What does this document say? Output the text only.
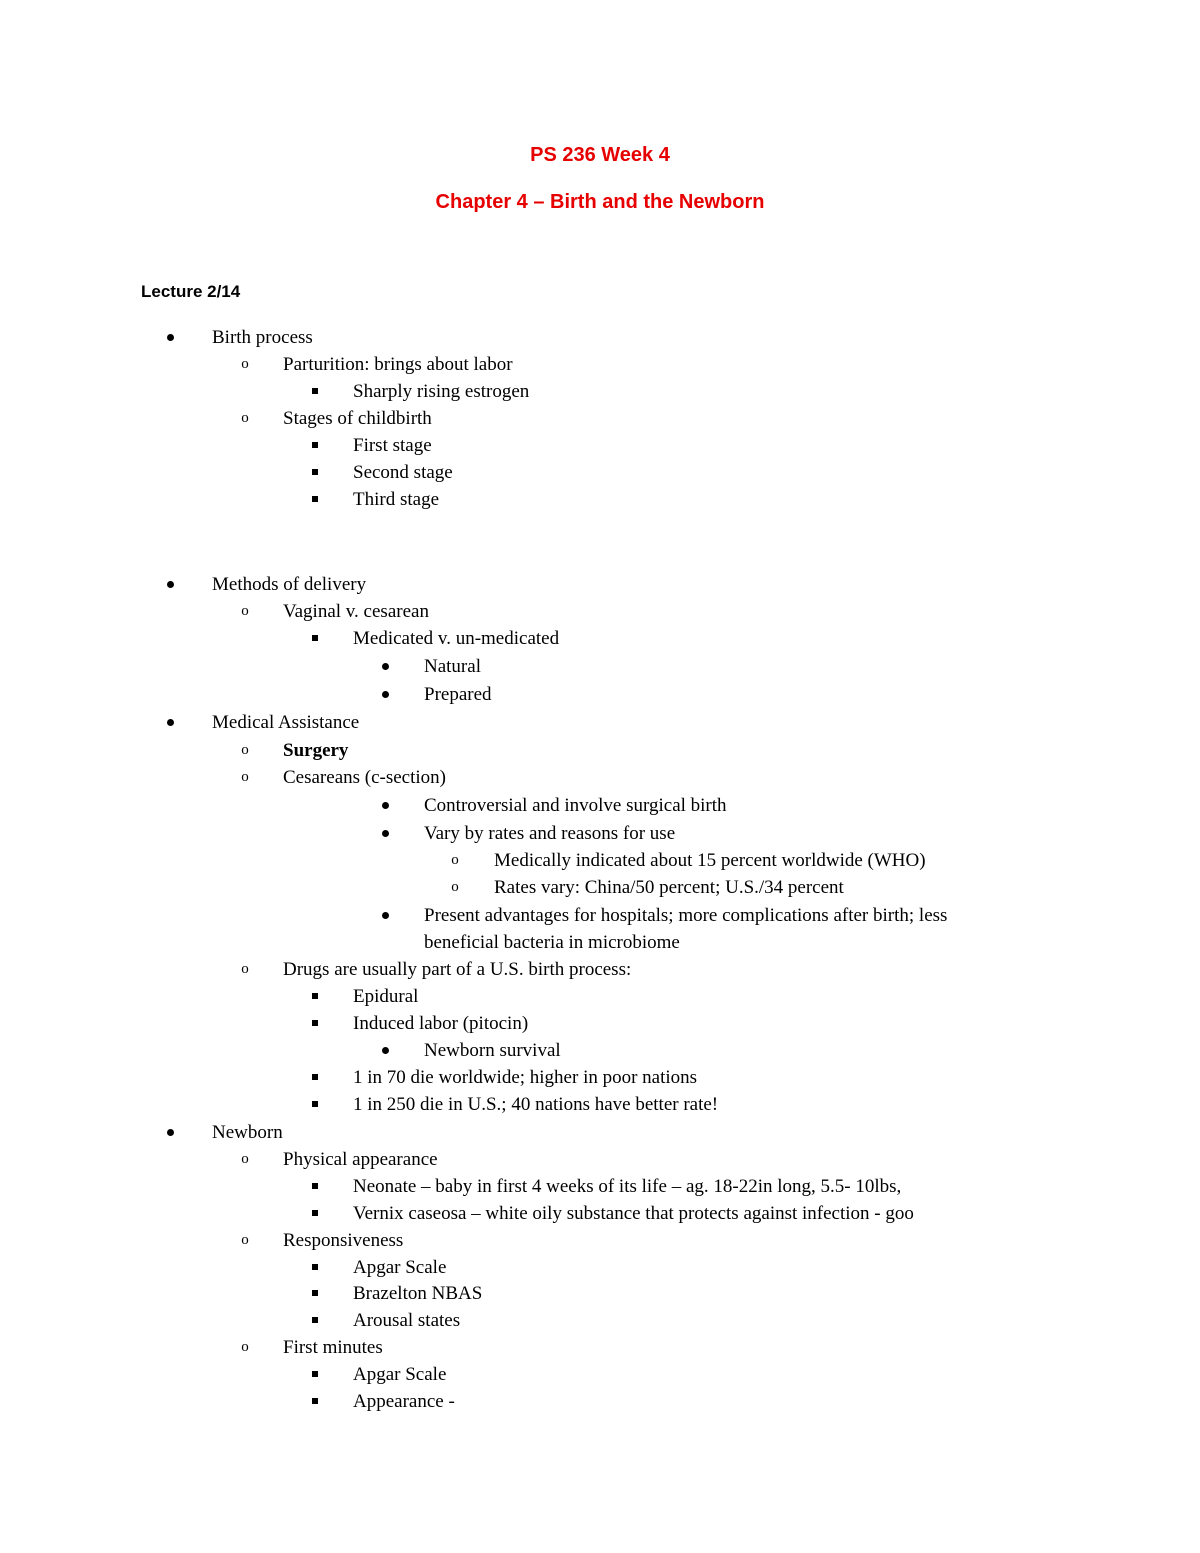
PS 236 Week 4
Chapter 4 – Birth and the Newborn
Lecture 2/14
Birth process
o	Parturition: brings about labor
Sharply rising estrogen
o	Stages of childbirth
First stage
Second stage
Third stage
Methods of delivery
o	Vaginal v. cesarean
Medicated v. un-medicated
Natural
Prepared
Medical Assistance
o	Surgery
o	Cesareans (c-section)
Controversial and involve surgical birth
Vary by rates and reasons for use
o	Medically indicated about 15 percent worldwide (WHO)
o	Rates vary: China/50 percent; U.S./34 percent
Present advantages for hospitals; more complications after birth; less
beneficial bacteria in microbiome
o	Drugs are usually part of a U.S. birth process:
Epidural
Induced labor (pitocin)
Newborn survival
1 in 70 die worldwide; higher in poor nations
1 in 250 die in U.S.; 40 nations have better rate!
Newborn
o	Physical appearance
Neonate – baby in first 4 weeks of its life – ag. 18-22in long, 5.5- 10lbs,
Vernix caseosa – white oily substance that protects against infection - goo
o	Responsiveness
Apgar Scale
Brazelton NBAS
Arousal states
o	First minutes
Apgar Scale
Appearance -
